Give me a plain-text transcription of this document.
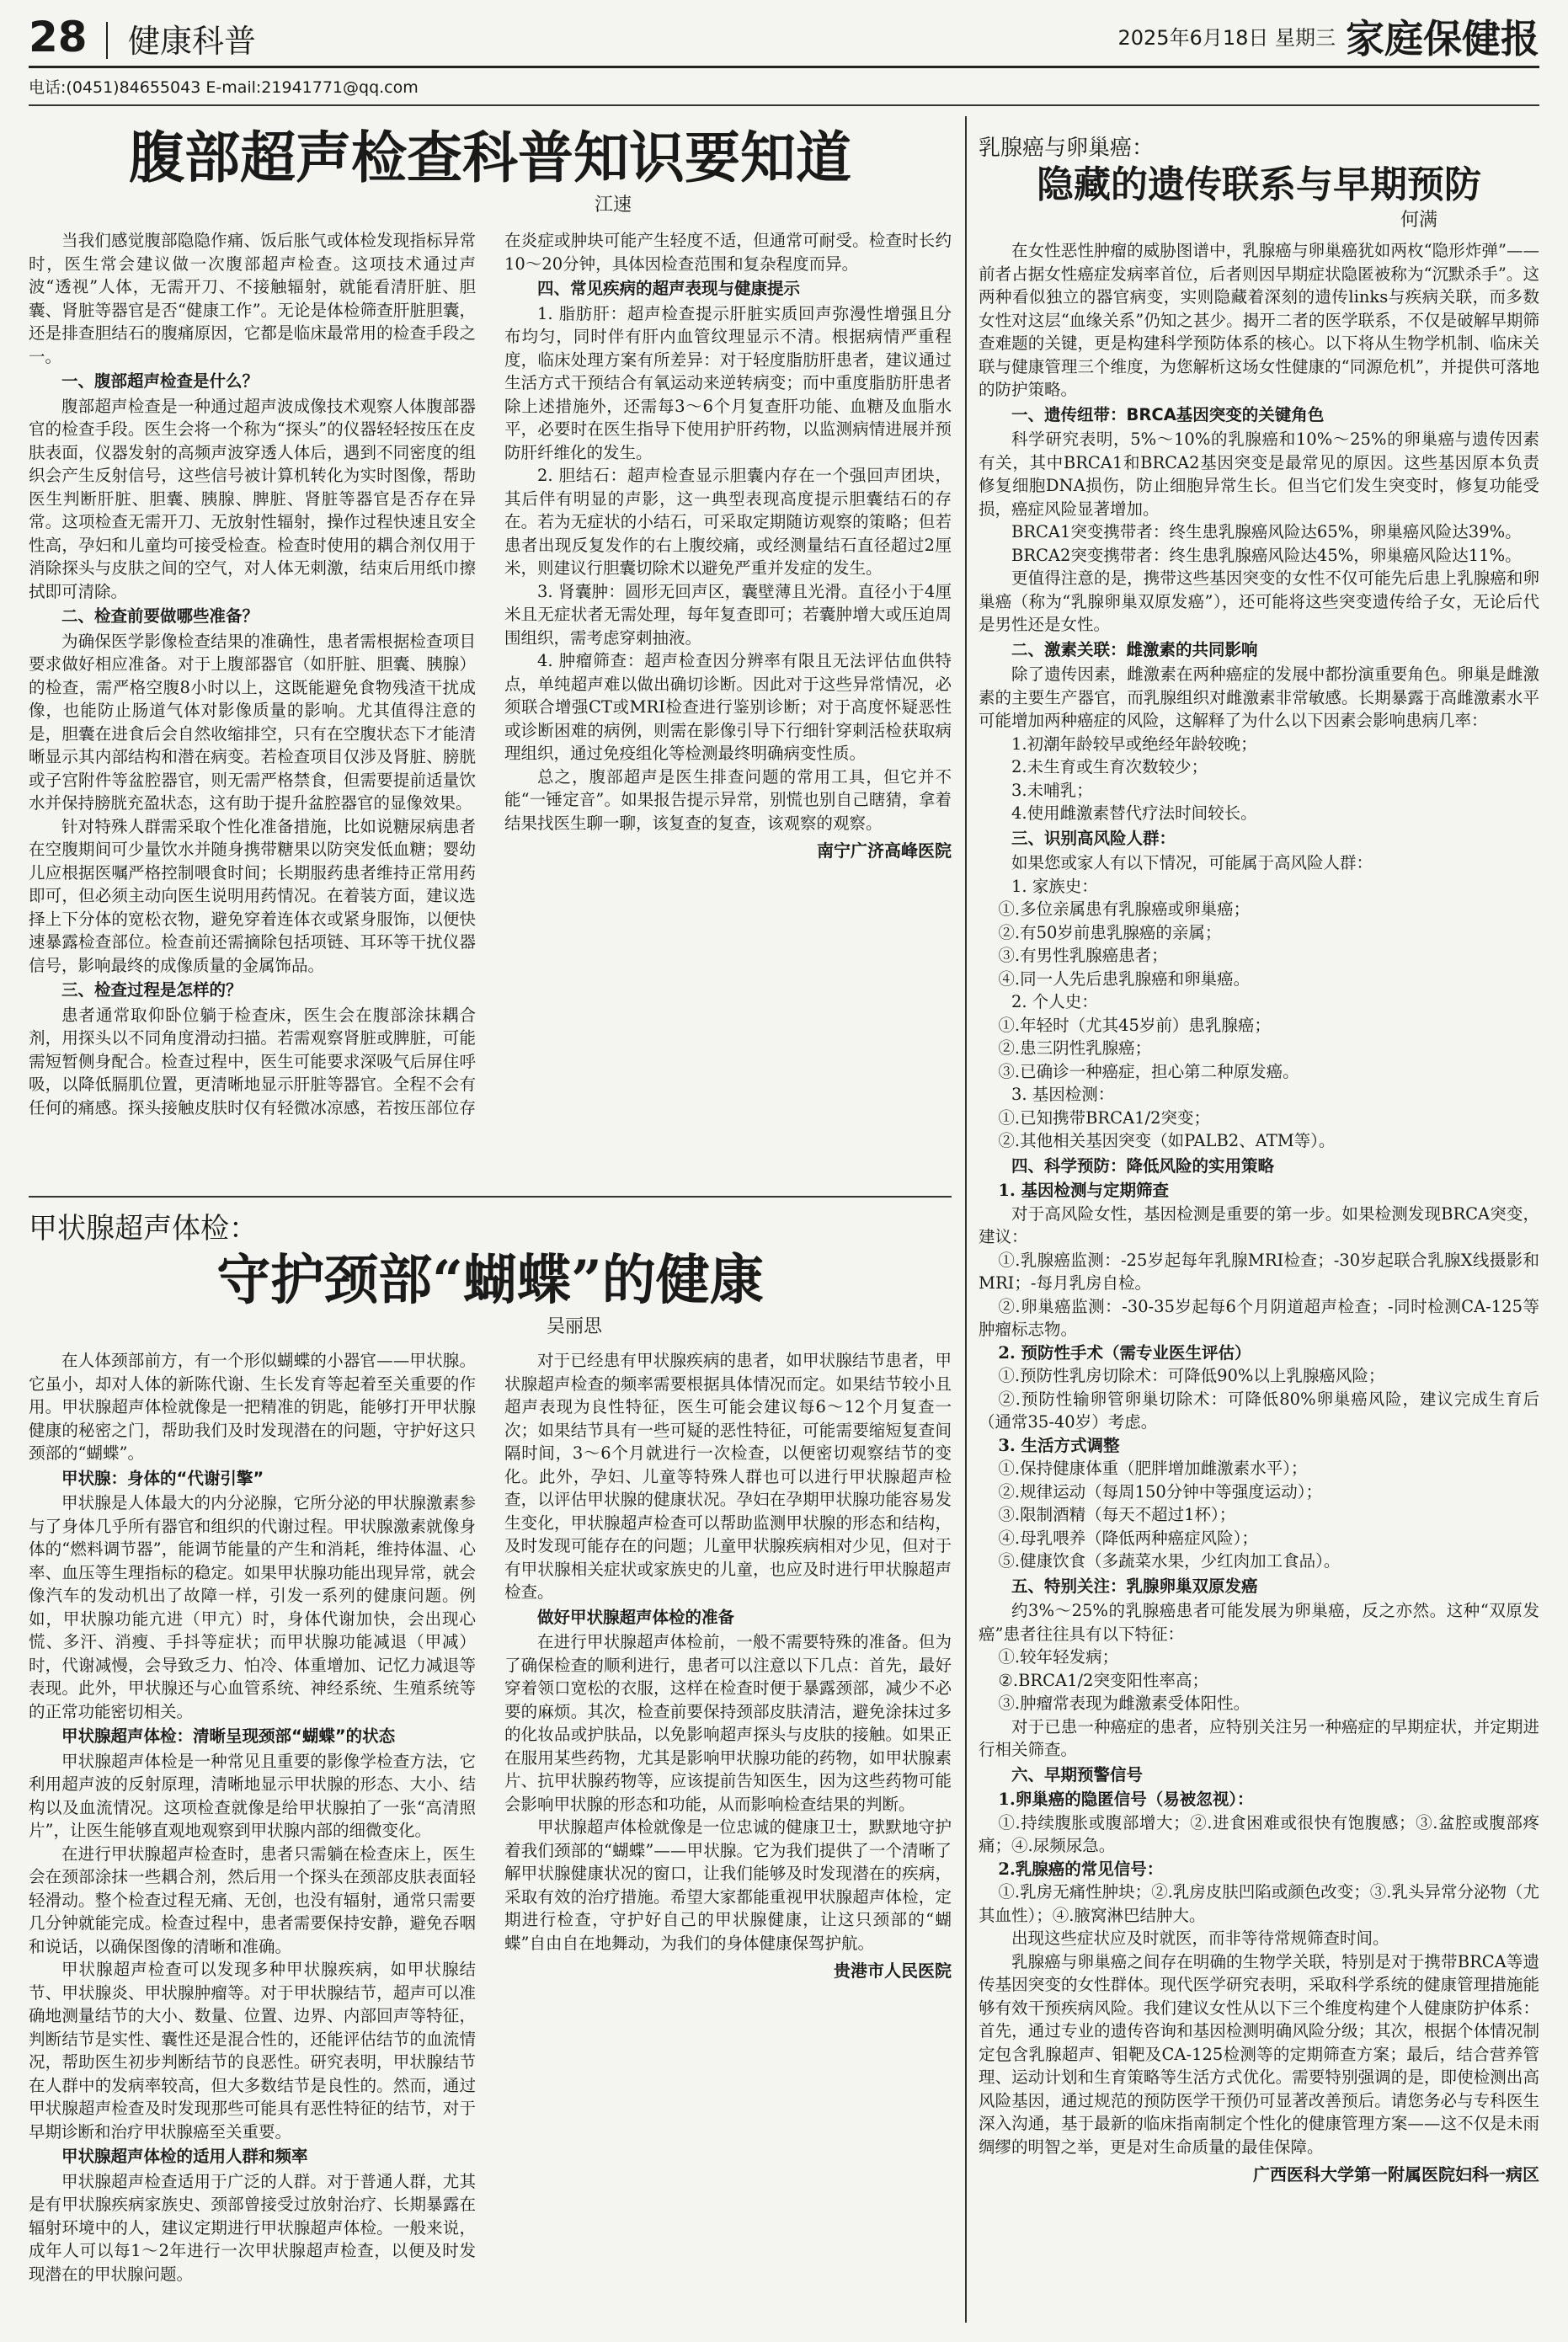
28 健康科普	2025年6月18日 星期三 家庭保健报
电话:(0451)84655043 E-mail:21941771@qq.com
腹部超声检查科普知识要知道
江速

当我们感觉腹部隐隐作痛、饭后胀气或体检发现指标异常时，医生常会建议做一次腹部超声检查。这项技术通过声波“透视”人体，无需开刀、不接触辐射，就能看清肝脏、胆囊、肾脏等器官是否“健康工作”。无论是体检筛查肝脏胆囊，还是排查胆结石的腹痛原因，它都是临床最常用的检查手段之一。

一、腹部超声检查是什么？

腹部超声检查是一种通过超声波成像技术观察人体腹部器官的检查手段。医生会将一个称为“探头”的仪器轻轻按压在皮肤表面，仪器发射的高频声波穿透人体后，遇到不同密度的组织会产生反射信号，这些信号被计算机转化为实时图像，帮助医生判断肝脏、胆囊、胰腺、脾脏、肾脏等器官是否存在异常。这项检查无需开刀、无放射性辐射，操作过程快速且安全性高，孕妇和儿童均可接受检查。检查时使用的耦合剂仅用于消除探头与皮肤之间的空气，对人体无刺激，结束后用纸巾擦拭即可清除。

二、检查前要做哪些准备？

为确保医学影像检查结果的准确性，患者需根据检查项目要求做好相应准备。对于上腹部器官（如肝脏、胆囊、胰腺）的检查，需严格空腹8小时以上，这既能避免食物残渣干扰成像，也能防止肠道气体对影像质量的影响。尤其值得注意的是，胆囊在进食后会自然收缩排空，只有在空腹状态下才能清晰显示其内部结构和潜在病变。若检查项目仅涉及肾脏、膀胱或子宫附件等盆腔器官，则无需严格禁食，但需要提前适量饮水并保持膀胱充盈状态，这有助于提升盆腔器官的显像效果。

针对特殊人群需采取个性化准备措施，比如说糖尿病患者在空腹期间可少量饮水并随身携带糖果以防突发低血糖；婴幼儿应根据医嘱严格控制喂食时间；长期服药患者维持正常用药即可，但必须主动向医生说明用药情况。在着装方面，建议选择上下分体的宽松衣物，避免穿着连体衣或紧身服饰，以便快速暴露检查部位。检查前还需摘除包括项链、耳环等干扰仪器信号，影响最终的成像质量的金属饰品。

三、检查过程是怎样的？

患者通常取仰卧位躺于检查床，医生会在腹部涂抹耦合剂，用探头以不同角度滑动扫描。若需观察肾脏或脾脏，可能需短暂侧身配合。检查过程中，医生可能要求深吸气后屏住呼吸，以降低膈肌位置，更清晰地显示肝脏等器官。全程不会有任何的痛感。探头接触皮肤时仅有轻微冰凉感，若按压部位存在炎症或肿块可能产生轻度不适，但通常可耐受。检查时长约10～20分钟，具体因检查范围和复杂程度而异。

四、常见疾病的超声表现与健康提示

1. 脂肪肝：超声检查提示肝脏实质回声弥漫性增强且分布均匀，同时伴有肝内血管纹理显示不清。根据病情严重程度，临床处理方案有所差异：对于轻度脂肪肝患者，建议通过生活方式干预结合有氧运动来逆转病变；而中重度脂肪肝患者除上述措施外，还需每3～6个月复查肝功能、血糖及血脂水平，必要时在医生指导下使用护肝药物，以监测病情进展并预防肝纤维化的发生。

2. 胆结石：超声检查显示胆囊内存在一个强回声团块，其后伴有明显的声影，这一典型表现高度提示胆囊结石的存在。若为无症状的小结石，可采取定期随访观察的策略；但若患者出现反复发作的右上腹绞痛，或经测量结石直径超过2厘米，则建议行胆囊切除术以避免严重并发症的发生。

3. 肾囊肿：圆形无回声区，囊壁薄且光滑。直径小于4厘米且无症状者无需处理，每年复查即可；若囊肿增大或压迫周围组织，需考虑穿刺抽液。

4. 肿瘤筛查：超声检查因分辨率有限且无法评估血供特点，单纯超声难以做出确切诊断。因此对于这些异常情况，必须联合增强CT或MRI检查进行鉴别诊断；对于高度怀疑恶性或诊断困难的病例，则需在影像引导下行细针穿刺活检获取病理组织，通过免疫组化等检测最终明确病变性质。

总之，腹部超声是医生排查问题的常用工具，但它并不能“一锤定音”。如果报告提示异常，别慌也别自己瞎猜，拿着结果找医生聊一聊，该复查的复查，该观察的观察。

南宁广济高峰医院
甲状腺超声体检：
守护颈部“蝴蝶”的健康
吴丽思

在人体颈部前方，有一个形似蝴蝶的小器官——甲状腺。它虽小，却对人体的新陈代谢、生长发育等起着至关重要的作用。甲状腺超声体检就像是一把精准的钥匙，能够打开甲状腺健康的秘密之门，帮助我们及时发现潜在的问题，守护好这只颈部的“蝴蝶”。

甲状腺：身体的“代谢引擎”

甲状腺是人体最大的内分泌腺，它所分泌的甲状腺激素参与了身体几乎所有器官和组织的代谢过程。甲状腺激素就像身体的“燃料调节器”，能调节能量的产生和消耗，维持体温、心率、血压等生理指标的稳定。如果甲状腺功能出现异常，就会像汽车的发动机出了故障一样，引发一系列的健康问题。例如，甲状腺功能亢进（甲亢）时，身体代谢加快，会出现心慌、多汗、消瘦、手抖等症状；而甲状腺功能减退（甲减）时，代谢减慢，会导致乏力、怕冷、体重增加、记忆力减退等表现。此外，甲状腺还与心血管系统、神经系统、生殖系统等的正常功能密切相关。

甲状腺超声体检：清晰呈现颈部“蝴蝶”的状态

甲状腺超声体检是一种常见且重要的影像学检查方法，它利用超声波的反射原理，清晰地显示甲状腺的形态、大小、结构以及血流情况。这项检查就像是给甲状腺拍了一张“高清照片”，让医生能够直观地观察到甲状腺内部的细微变化。

在进行甲状腺超声检查时，患者只需躺在检查床上，医生会在颈部涂抹一些耦合剂，然后用一个探头在颈部皮肤表面轻轻滑动。整个检查过程无痛、无创，也没有辐射，通常只需要几分钟就能完成。检查过程中，患者需要保持安静，避免吞咽和说话，以确保图像的清晰和准确。

甲状腺超声检查可以发现多种甲状腺疾病，如甲状腺结节、甲状腺炎、甲状腺肿瘤等。对于甲状腺结节，超声可以准确地测量结节的大小、数量、位置、边界、内部回声等特征，判断结节是实性、囊性还是混合性的，还能评估结节的血流情况，帮助医生初步判断结节的良恶性。研究表明，甲状腺结节在人群中的发病率较高，但大多数结节是良性的。然而，通过甲状腺超声检查及时发现那些可能具有恶性特征的结节，对于早期诊断和治疗甲状腺癌至关重要。

甲状腺超声体检的适用人群和频率

甲状腺超声检查适用于广泛的人群。对于普通人群，尤其是有甲状腺疾病家族史、颈部曾接受过放射治疗、长期暴露在辐射环境中的人，建议定期进行甲状腺超声体检。一般来说，成年人可以每1～2年进行一次甲状腺超声检查，以便及时发现潜在的甲状腺问题。

对于已经患有甲状腺疾病的患者，如甲状腺结节患者，甲状腺超声检查的频率需要根据具体情况而定。如果结节较小且超声表现为良性特征，医生可能会建议每6～12个月复查一次；如果结节具有一些可疑的恶性特征，可能需要缩短复查间隔时间，3～6个月就进行一次检查，以便密切观察结节的变化。此外，孕妇、儿童等特殊人群也可以进行甲状腺超声检查，以评估甲状腺的健康状况。孕妇在孕期甲状腺功能容易发生变化，甲状腺超声检查可以帮助监测甲状腺的形态和结构，及时发现可能存在的问题；儿童甲状腺疾病相对少见，但对于有甲状腺相关症状或家族史的儿童，也应及时进行甲状腺超声检查。

做好甲状腺超声体检的准备

在进行甲状腺超声体检前，一般不需要特殊的准备。但为了确保检查的顺利进行，患者可以注意以下几点：首先，最好穿着领口宽松的衣服，这样在检查时便于暴露颈部，减少不必要的麻烦。其次，检查前要保持颈部皮肤清洁，避免涂抹过多的化妆品或护肤品，以免影响超声探头与皮肤的接触。如果正在服用某些药物，尤其是影响甲状腺功能的药物，如甲状腺素片、抗甲状腺药物等，应该提前告知医生，因为这些药物可能会影响甲状腺的形态和功能，从而影响检查结果的判断。

甲状腺超声体检就像是一位忠诚的健康卫士，默默地守护着我们颈部的“蝴蝶”——甲状腺。它为我们提供了一个清晰了解甲状腺健康状况的窗口，让我们能够及时发现潜在的疾病，采取有效的治疗措施。希望大家都能重视甲状腺超声体检，定期进行检查，守护好自己的甲状腺健康，让这只颈部的“蝴蝶”自由自在地舞动，为我们的身体健康保驾护航。

贵港市人民医院
乳腺癌与卵巢癌：
隐藏的遗传联系与早期预防
何满

在女性恶性肿瘤的威胁图谱中，乳腺癌与卵巢癌犹如两枚“隐形炸弹”——前者占据女性癌症发病率首位，后者则因早期症状隐匿被称为“沉默杀手”。这两种看似独立的器官病变，实则隐藏着深刻的遗传links与疾病关联，而多数女性对这层“血缘关系”仍知之甚少。揭开二者的医学联系，不仅是破解早期筛查难题的关键，更是构建科学预防体系的核心。以下将从生物学机制、临床关联与健康管理三个维度，为您解析这场女性健康的“同源危机”，并提供可落地的防护策略。

一、遗传纽带：BRCA基因突变的关键角色

科学研究表明，5%～10%的乳腺癌和10%～25%的卵巢癌与遗传因素有关，其中BRCA1和BRCA2基因突变是最常见的原因。这些基因原本负责修复细胞DNA损伤，防止细胞异常生长。但当它们发生突变时，修复功能受损，癌症风险显著增加。

BRCA1突变携带者：终生患乳腺癌风险达65%，卵巢癌风险达39%。

BRCA2突变携带者：终生患乳腺癌风险达45%，卵巢癌风险达11%。

更值得注意的是，携带这些基因突变的女性不仅可能先后患上乳腺癌和卵巢癌（称为“乳腺卵巢双原发癌”），还可能将这些突变遗传给子女，无论后代是男性还是女性。

二、激素关联：雌激素的共同影响

除了遗传因素，雌激素在两种癌症的发展中都扮演重要角色。卵巢是雌激素的主要生产器官，而乳腺组织对雌激素非常敏感。长期暴露于高雌激素水平可能增加两种癌症的风险，这解释了为什么以下因素会影响患病几率：

1.初潮年龄较早或绝经年龄较晚；

2.未生育或生育次数较少；

3.未哺乳；

4.使用雌激素替代疗法时间较长。

三、识别高风险人群：

如果您或家人有以下情况，可能属于高风险人群：

1. 家族史：

①.多位亲属患有乳腺癌或卵巢癌；

②.有50岁前患乳腺癌的亲属；

③.有男性乳腺癌患者；

④.同一人先后患乳腺癌和卵巢癌。

2. 个人史：

①.年轻时（尤其45岁前）患乳腺癌；

②.患三阴性乳腺癌；

③.已确诊一种癌症，担心第二种原发癌。

3. 基因检测：

①.已知携带BRCA1/2突变；

②.其他相关基因突变（如PALB2、ATM等）。

四、科学预防：降低风险的实用策略

1. 基因检测与定期筛查

对于高风险女性，基因检测是重要的第一步。如果检测发现BRCA突变，建议：

①.乳腺癌监测：-25岁起每年乳腺MRI检查；-30岁起联合乳腺X线摄影和MRI；-每月乳房自检。

②.卵巢癌监测：-30-35岁起每6个月阴道超声检查；-同时检测CA-125等肿瘤标志物。

2. 预防性手术（需专业医生评估）

①.预防性乳房切除术：可降低90%以上乳腺癌风险；

②.预防性输卵管卵巢切除术：可降低80%卵巢癌风险，建议完成生育后（通常35-40岁）考虑。

3. 生活方式调整

①.保持健康体重（肥胖增加雌激素水平）；

②.规律运动（每周150分钟中等强度运动）；

③.限制酒精（每天不超过1杯）；

④.母乳喂养（降低两种癌症风险）；

⑤.健康饮食（多蔬菜水果，少红肉加工食品）。

五、特别关注：乳腺卵巢双原发癌

约3%～25%的乳腺癌患者可能发展为卵巢癌，反之亦然。这种“双原发癌”患者往往具有以下特征：

①.较年轻发病；

②.BRCA1/2突变阳性率高；

③.肿瘤常表现为雌激素受体阳性。

对于已患一种癌症的患者，应特别关注另一种癌症的早期症状，并定期进行相关筛查。

六、早期预警信号

1.卵巢癌的隐匿信号（易被忽视）：

①.持续腹胀或腹部增大；②.进食困难或很快有饱腹感；③.盆腔或腹部疼痛；④.尿频尿急。

2.乳腺癌的常见信号：

①.乳房无痛性肿块；②.乳房皮肤凹陷或颜色改变；③.乳头异常分泌物（尤其血性）；④.腋窝淋巴结肿大。

出现这些症状应及时就医，而非等待常规筛查时间。

乳腺癌与卵巢癌之间存在明确的生物学关联，特别是对于携带BRCA等遗传基因突变的女性群体。现代医学研究表明，采取科学系统的健康管理措施能够有效干预疾病风险。我们建议女性从以下三个维度构建个人健康防护体系：首先，通过专业的遗传咨询和基因检测明确风险分级；其次，根据个体情况制定包含乳腺超声、钼靶及CA-125检测等的定期筛查方案；最后，结合营养管理、运动计划和生育策略等生活方式优化。需要特别强调的是，即使检测出高风险基因，通过规范的预防医学干预仍可显著改善预后。请您务必与专科医生深入沟通，基于最新的临床指南制定个性化的健康管理方案——这不仅是未雨绸缪的明智之举，更是对生命质量的最佳保障。

广西医科大学第一附属医院妇科一病区
